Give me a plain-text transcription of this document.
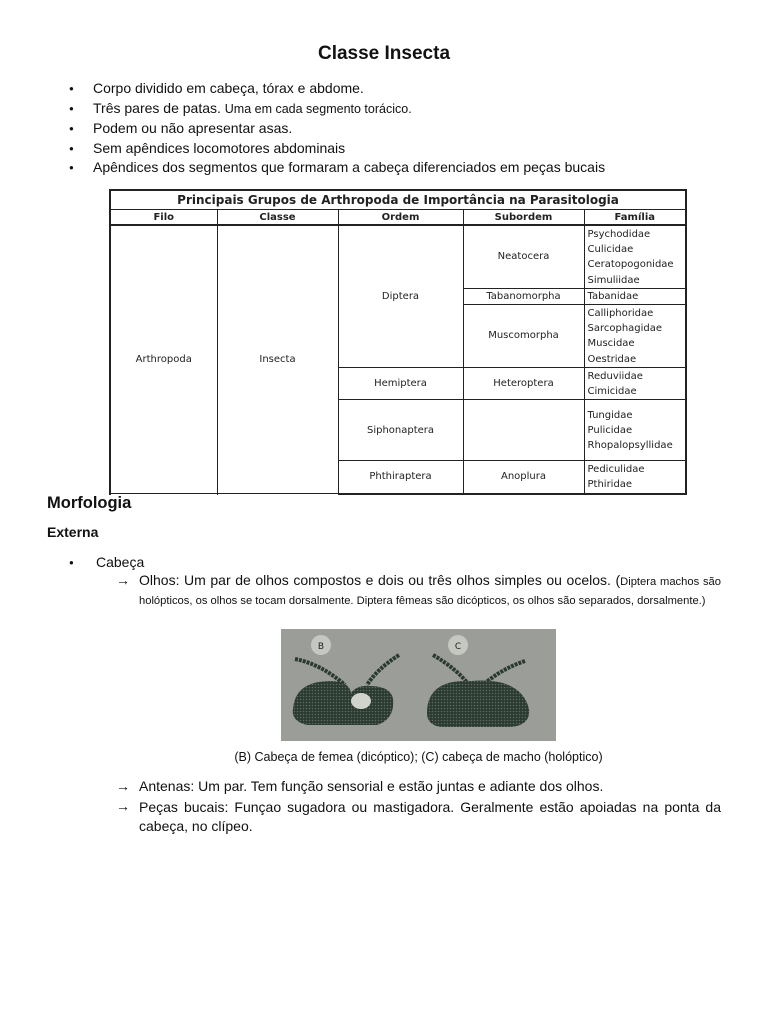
Classe Insecta
● Corpo dividido em cabeça, tórax e abdome.
● Três pares de patas. Uma em cada segmento torácico.
● Podem ou não apresentar asas.
● Sem apêndices locomotores abdominais
● Apêndices dos segmentos que formaram a cabeça diferenciados em peças bucais
Principais Grupos de Arthropoda de Importância na Parasitologia				
Filo	Classe	Ordem	Subordem	Família
Arthropoda	Insecta	Diptera	Neatocera	Psychodidae
Culicidae
Ceratopogonidae
Simuliidae

			Tabanomorpha	Tabanidae

			Muscomorpha	Calliphoridae
Sarcophagidae
Muscidae
Oestridae

		Hemiptera	Heteroptera	Reduviidae
Cimicidae

		Siphonaptera		Tungidae
Pulicidae
Rhopalopsyllidae

		Phthiraptera	Anoplura	Pediculidae
Pthiridae

Morfologia
Externa
● Cabeça
→ Olhos: Um par de olhos compostos e dois ou três olhos simples ou ocelos. (Diptera machos são holópticos, os olhos se tocam dorsalmente. Diptera fêmeas são dicópticos, os olhos são separados, dorsalmente.)
B	C
(B) Cabeça de femea (dicóptico); (C) cabeça de macho (holóptico)
→ Antenas: Um par. Tem função sensorial e estão juntas e adiante dos olhos.
→ Peças bucais: Funçao sugadora ou mastigadora. Geralmente estão apoiadas na ponta da cabeça, no clípeo.
